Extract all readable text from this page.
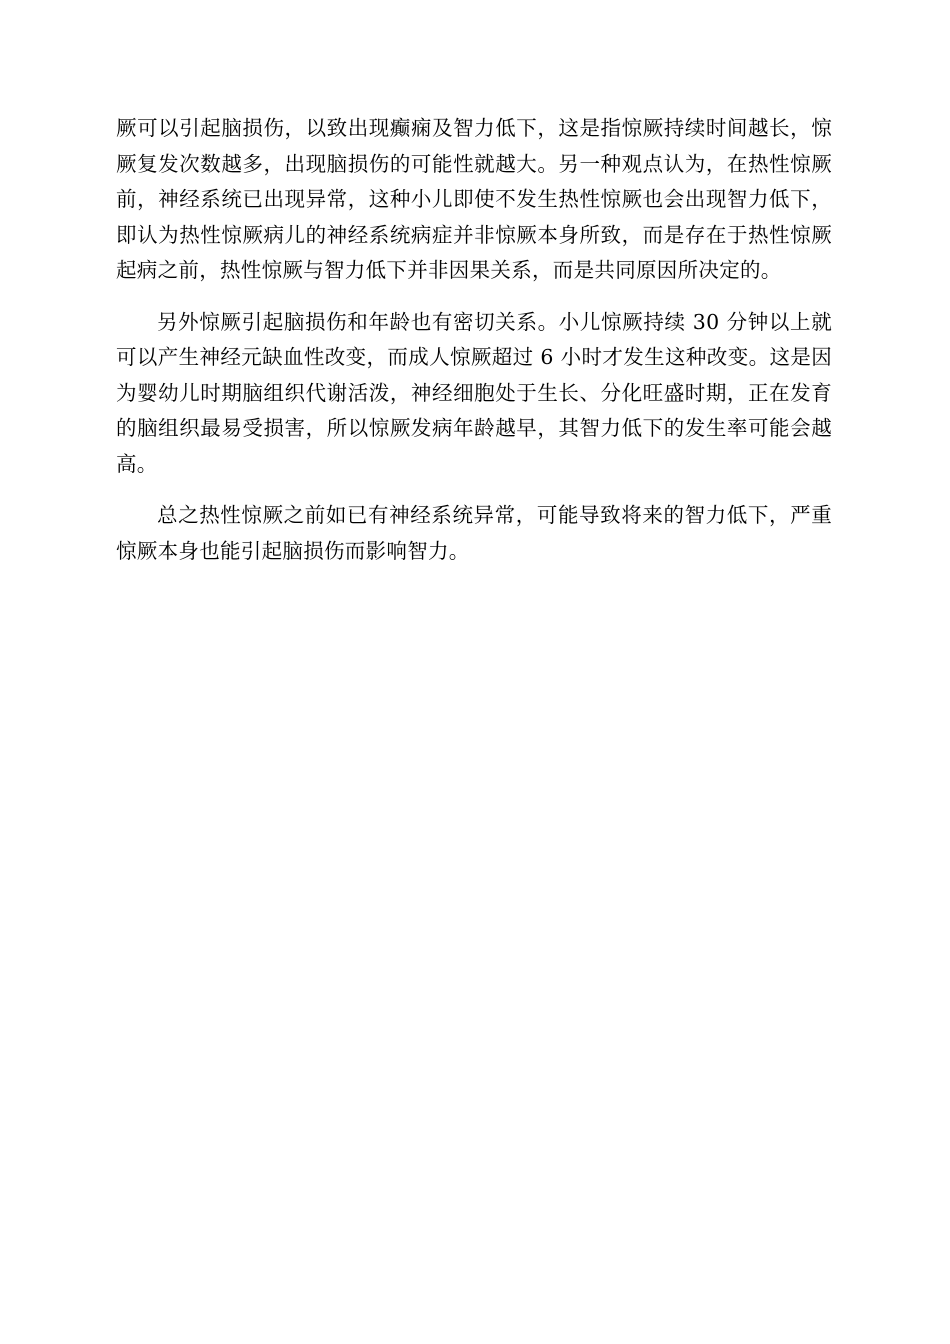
厥可以引起脑损伤，以致出现癫痫及智力低下，这是指惊厥持续时间越长，惊厥复发次数越多，出现脑损伤的可能性就越大。另一种观点认为，在热性惊厥前，神经系统已出现异常，这种小儿即使不发生热性惊厥也会出现智力低下，即认为热性惊厥病儿的神经系统病症并非惊厥本身所致，而是存在于热性惊厥起病之前，热性惊厥与智力低下并非因果关系，而是共同原因所决定的。

另外惊厥引起脑损伤和年龄也有密切关系。小儿惊厥持续 30 分钟以上就可以产生神经元缺血性改变，而成人惊厥超过 6 小时才发生这种改变。这是因为婴幼儿时期脑组织代谢活泼，神经细胞处于生长、分化旺盛时期，正在发育的脑组织最易受损害，所以惊厥发病年龄越早，其智力低下的发生率可能会越高。

总之热性惊厥之前如已有神经系统异常，可能导致将来的智力低下，严重惊厥本身也能引起脑损伤而影响智力。
